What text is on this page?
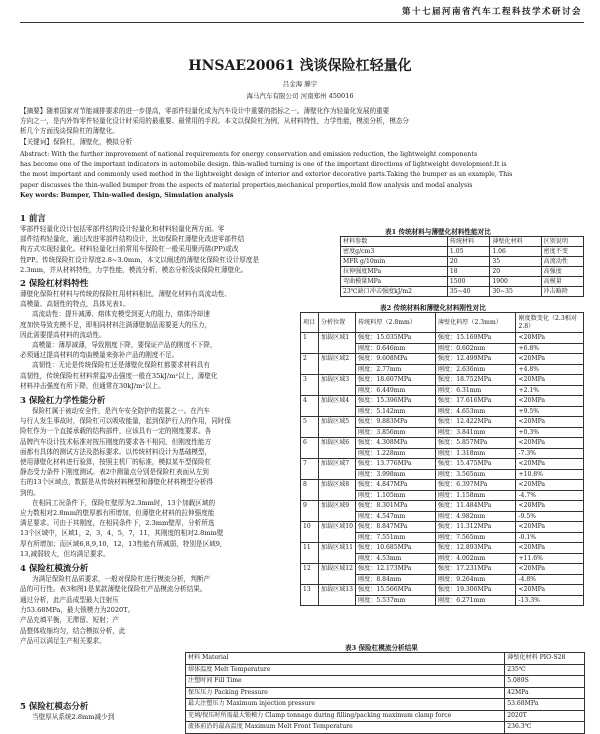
第十七届河南省汽车工程科技学术研讨会
HNSAE20061 浅谈保险杠轻量化
吕金海 滕宇
海马汽车有限公司 河南郑州 450016
【摘要】随着国家对节能减排要求的进一步提高，零部件轻量化成为汽车设计中重要的指标之一。薄壁化作为轻量化发展的重要
方向之一，是内外饰零件轻量化设计时采用的最重要、最常用的手段。本文以保险杠为例，从材料特性，力学性能，模流分析，模态分
析几个方面浅谈保险杠的薄壁化。
【关键词】保险杠，薄壁化，模拟分析
Abstract: With the further improvement of national requirements for energy conservation and emission reduction, the lightweight components
has become one of the important indicators in automobile design. thin-walled turning is one of the important directions of lightweight development.It is
the most important and commonly used method in the lightweight design of interior and exterior decorative parts.Taking the bumper as an example, This
paper discusses the thin-walled bumper from the aspects of material properties,mechanical properties,mold flow analysis and modal analysis
Key words: Bumper, Thin-walled design, Simulation analysis
1 前言
零部件轻量化设计包括零部件结构设计轻量化和材料轻量化两方面。零
部件结构轻量化，通过改进零部件结构设计，比如保险杠薄壁化改进零部件结
构方式实现轻量化。材料轻量化目前常用车保险杠一般采用聚丙烯(PP)或改
性PP。传统保险杠设计厚度2.8~3.0mm，本文以阐述的薄壁化保险杠设计厚度是
2.3mm，并从材料特性，力学性能，模流分析，模态分析浅谈保险杠薄壁化。
2 保险杠材料特性
薄壁化保险杠材料与传统的保险杠用材料相比，薄壁化材料有高流动性、
高模量、高韧性的特点，具体见表1。
高流动性：提升减薄、熔体充模受到更大的阻力，熔体冷却速
度加快导致充模不足，即相同材料注满薄壁制品需要更大的压力，
因此需要提高材料的流动性。
高模量：薄厚减薄，导致刚度下降，要保证产品的刚度不下降，
必须通过提高材料的弯曲模量来弥补产品的刚度不足。
高韧性：无论是传统保险杠还是薄壁化保险杠都要求材料具有
高韧性，传统保险杠材料常温冲击强度一般在35kJ/m²以上，薄壁化
材料冲击强度有所下降，但通常在30kJ/m²以上。
3 保险杠力学性能分析
保险杠属于被动安全件，是汽车安全防护的装置之一。在汽车
与行人发生事故时，保险杠可以吸收能量，起到保护行人的作用，同时保
险杠作为一个直接承载的结构部件，应该具有一定的刚度要求。各
品牌汽车设计技术标准对按压刚度的要求各不相同，但刚度性能方
面都有具体的测试方法及指标要求。以传统材料设计为基础模型，
使用薄壁化材料进行验算，按照主机厂的标准，模拟某车型保险杠
静态受力条件下刚度测试。表2中测量点分别是保险杠表面从左到
右的13个区域点，数据是从传统材料模型和薄壁化材料模型分析得
到的。
在相同工况条件下，保险杠壁厚为2.3mm时，13个加载区域的
应力数相对2.8mm的壁厚都有所增加，但薄壁化材料的拉伸强度能
满足要求。可由于其刚度，在相同条件下，2.3mm壁厚，分析所选
13个区域中，区域1，2，3，4，5，7，11，其刚度的相对2.8mm壁
厚有所增加；而区域6,8,9,10，12，13性能有所减弱，特别是区域9,
13,减弱较大，但均满足要求。
4 保险杠模流分析
为满足保险杠品质要求，一般对保险杠进行模流分析，判断产
品的可行性。表3和图1是某款薄壁化保险杠产品模流分析结果。
通过分析，此产品成型最大注射压
力53.68MPa，最大锁模力为2020T。
产品充填平衡，无滞留、短射；产
品整体收缩均匀，结合模拟分析，此
产品可以满足生产相关要求。
5 保险杠模态分析
当壁厚从系统2.8mm减少到
表1 传统材料与薄壁化材料性能对比
材料参数	传统材料	薄壁化材料	区别说明
密度g/cm3	1.05	1.06	密度不变
MFR g/10min	20	35	高流动性
拉伸强度MPa	18	20	高强度
弯曲模量MPa	1500	1900	高模量
23℃缺口冲击强度kJ/m2	35~40	30~35	冲击略降
表2 传统材料和薄壁化材料刚性对比
项目	分析位置	传统料厚（2.8mm）	薄壁化料厚（2.3mm）	刚度数变化（2.3相对2.8）
1	加载区域1	强度：15.035MPa	强度：15.169MPa	<20MPa
		刚度：0.646mm	刚度：0.602mm	+6.8%
2	加载区域2	强度：9.608MPa	强度：12.499MPa	<20MPa
		刚度：2.77mm	刚度：2.636mm	+4.8%
3	加载区域3	强度：18.607MPa	强度：18.752MPa	<20MPa
		刚度：6.449mm	刚度：6.31mm	+2.1%
4	加载区域4	强度：15.396MPa	强度：17.616MPa	<20MPa
		刚度：5.142mm	刚度：4.653mm	+9.5%
5	加载区域5	强度：9.883MPa	强度：12.422MPa	<20MPa
		刚度：3.856mm	刚度：3.841mm	+0.3%
6	加载区域6	强度：4.308MPa	强度：5.857MPa	<20MPa
		刚度：1.228mm	刚度：1.318mm	-7.3%
7	加载区域7	强度：13.776MPa	强度：15.475MPa	<20MPa
		刚度：3.998mm	刚度：3.565mm	+10.8%
8	加载区域8	强度：4.847MPa	强度：6.397MPa	<20MPa
		刚度：1.105mm	刚度：1.158mm	-4.7%
9	加载区域9	强度：8.301MPa	强度：11.484MPa	<20MPa
		刚度：4.547mm	刚度：4.982mm	-9.5%
10	加载区域10	强度：8.847MPa	强度：11.312MPa	<20MPa
		刚度：7.551mm	刚度：7.565mm	-0.1%
11	加载区域11	强度：10.685MPa	强度：12.893MPa	<20MPa
		刚度：4.53mm	刚度：4.002mm	+11.6%
12	加载区域12	强度：12.173MPa	强度：17.231MPa	<20MPa
		刚度：8.84mm	刚度：9.264mm	-4.8%
13	加载区域13	强度：15.566MPa	强度：19.306MPa	<20MPa
		刚度：5.537mm	刚度：6.271mm	-13.3%
表3 保险杠模流分析结果
材料 Material	薄壁化材料 PIO-S28
熔体温度 Melt Temperature	235℃
注塑时间 Fill Time	5.089S
保压压力 Packing Pressure	42MPa
最大注塑压力 Maximum injection pressure	53.68MPa
充填/保压时所需最大锁模力 Clamp tonnage during filling/packing maximum clamp force	2020T
流体前沿的最高温度 Maximum Melt Front Temperature	236.3℃
